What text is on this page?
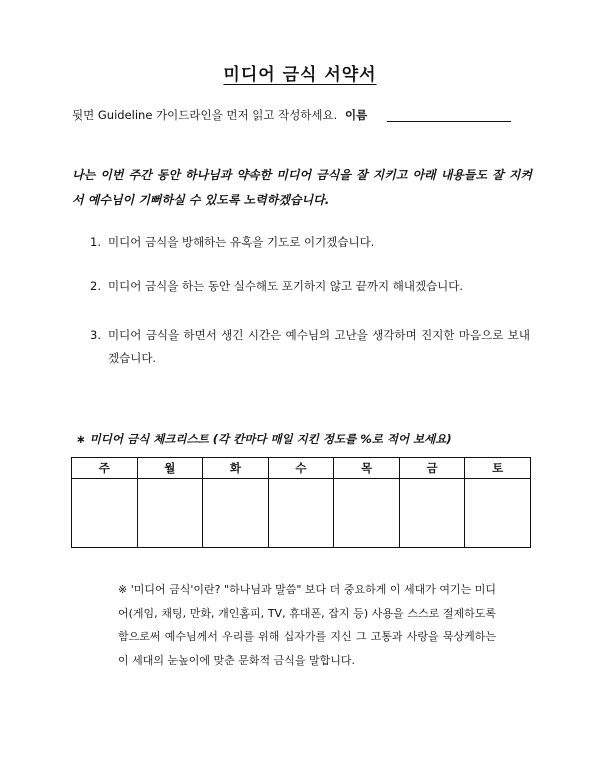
미디어 금식 서약서
뒷면 Guideline 가이드라인을 먼저 읽고 작성하세요. 이름
나는 이번 주간 동안 하나님과 약속한 미디어 금식을 잘 지키고 아래 내용들도 잘 지켜서 예수님이 기뻐하실 수 있도록 노력하겠습니다.
1. 미디어 금식을 방해하는 유혹을 기도로 이기겠습니다.
2. 미디어 금식을 하는 동안 실수해도 포기하지 않고 끝까지 해내겠습니다.
3. 미디어 금식을 하면서 생긴 시간은 예수님의 고난을 생각하며 진지한 마음으로 보내겠습니다.
∗ 미디어 금식 체크리스트 (각 칸마다 매일 지킨 정도를 %로 적어 보세요)
주	월	화	수	목	금	토

※ '미디어 금식'이란? "하나님과 말씀" 보다 더 중요하게 이 세대가 여기는 미디어(게임, 채팅, 만화, 개인홈피, TV, 휴대폰, 잡지 등) 사용을 스스로 절제하도록 함으로써 예수님께서 우리를 위해 십자가를 지신 그 고통과 사랑을 묵상케하는 이 세대의 눈높이에 맞춘 문화적 금식을 말합니다.
